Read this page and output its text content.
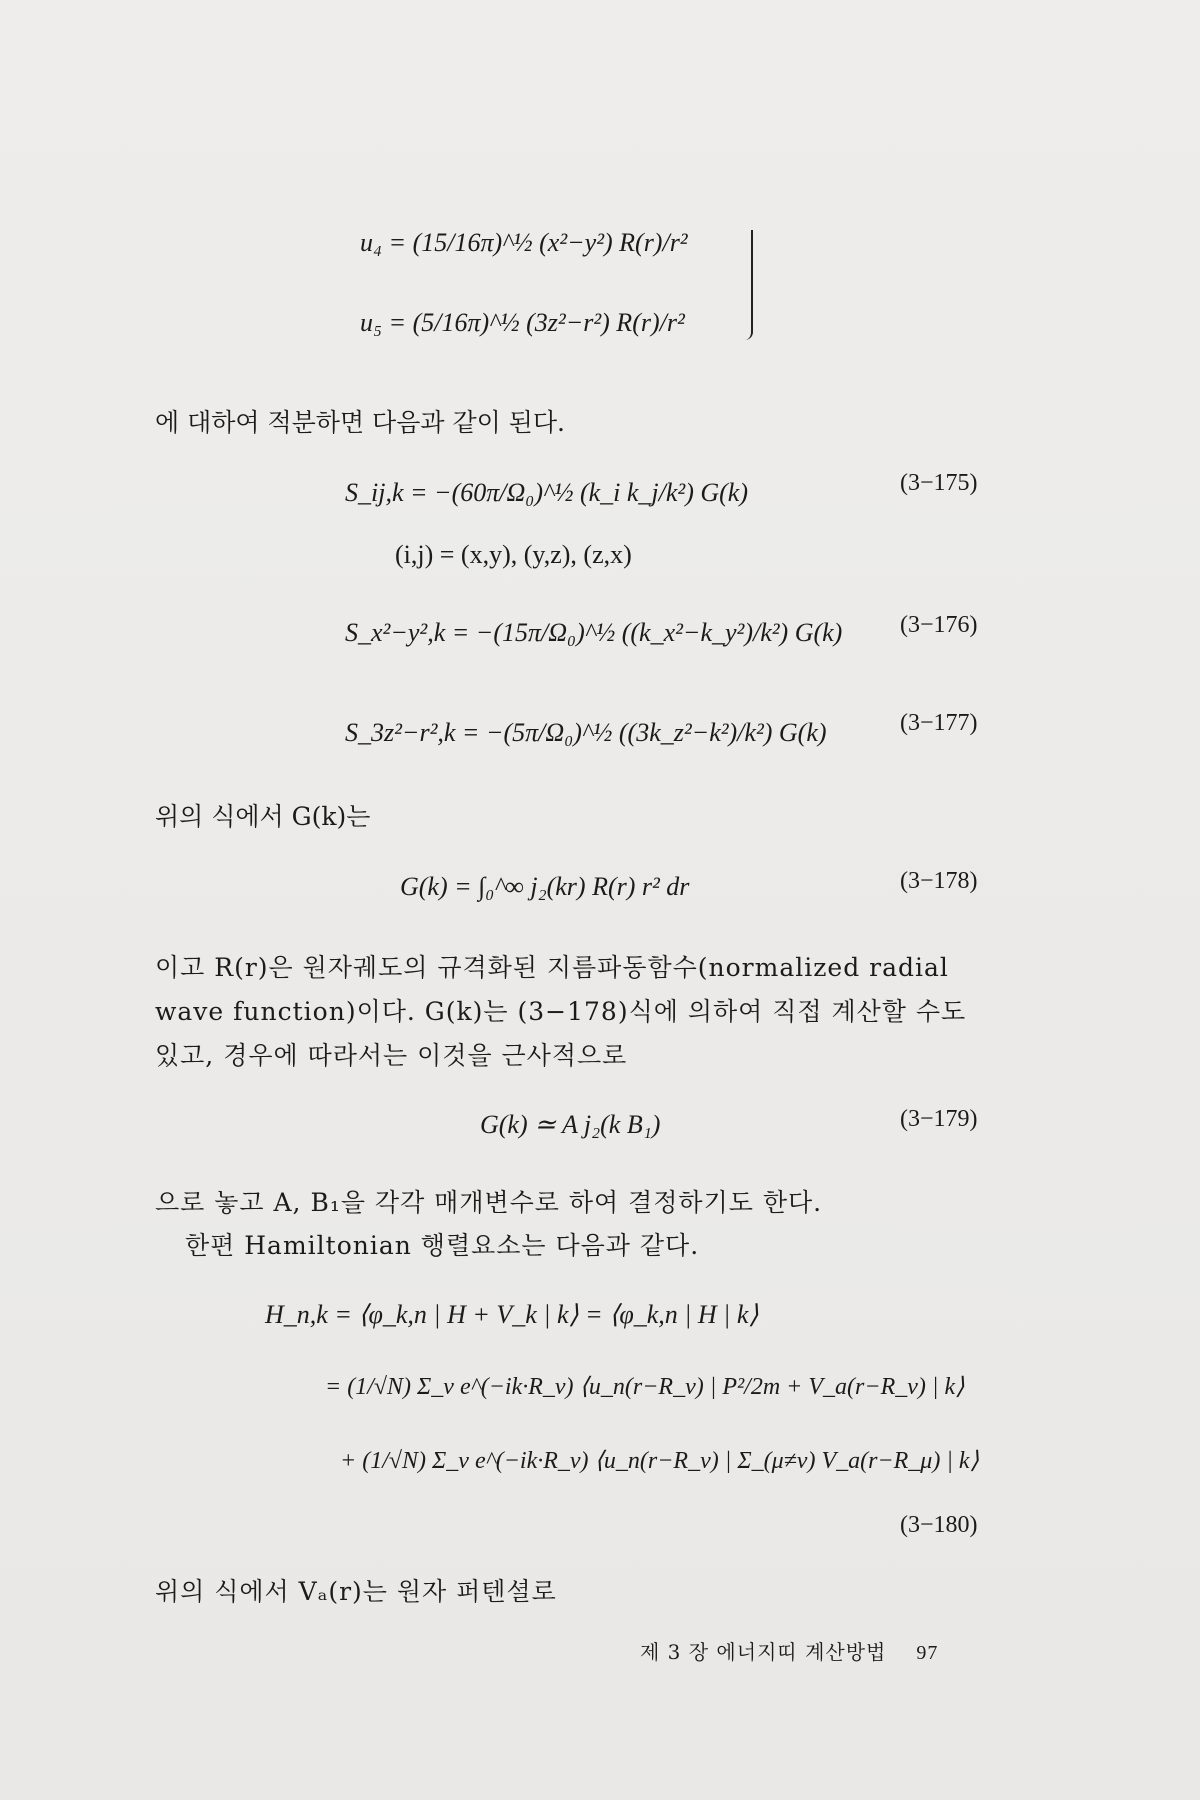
u₄ = (15/16π)^½ (x²−y²) R(r)/r²
u₅ = (5/16π)^½ (3z²−r²) R(r)/r²
에 대하여 적분하면 다음과 같이 된다.
S_ij,k = −(60π/Ω₀)^½ (k_i k_j/k²) G(k)	(3−175)
(i,j) = (x,y), (y,z), (z,x)
S_x²−y²,k = −(15π/Ω₀)^½ ((k_x²−k_y²)/k²) G(k) (3−176)
S_3z²−r²,k = −(5π/Ω₀)^½ ((3k_z²−k²)/k²) G(k)	(3−177)
위의 식에서 G(k)는
G(k) = ∫₀^∞ j₂(kr) R(r) r² dr	(3−178)
이고 R(r)은 원자궤도의 규격화된 지름파동함수(normalized radial
wave function)이다. G(k)는 (3−178)식에 의하여 직접 계산할 수도
있고, 경우에 따라서는 이것을 근사적으로
G(k) ≃ A j₂(k B₁)	(3−179)
으로 놓고 A, B₁을 각각 매개변수로 하여 결정하기도 한다.
한편 Hamiltonian 행렬요소는 다음과 같다.
H_n,k = ⟨φ_k,n | H + V_k | k⟩ = ⟨φ_k,n | H | k⟩
= (1/√N) Σ_ν e^(−ik·R_ν) ⟨u_n(r−R_ν) | P²/2m + V_a(r−R_ν) | k⟩
+ (1/√N) Σ_ν e^(−ik·R_ν) ⟨u_n(r−R_ν) | Σ_(μ≠ν) V_a(r−R_μ) | k⟩
(3−180)
위의 식에서 Vₐ(r)는 원자 퍼텐셜로
제 3 장 에너지띠 계산방법 97
